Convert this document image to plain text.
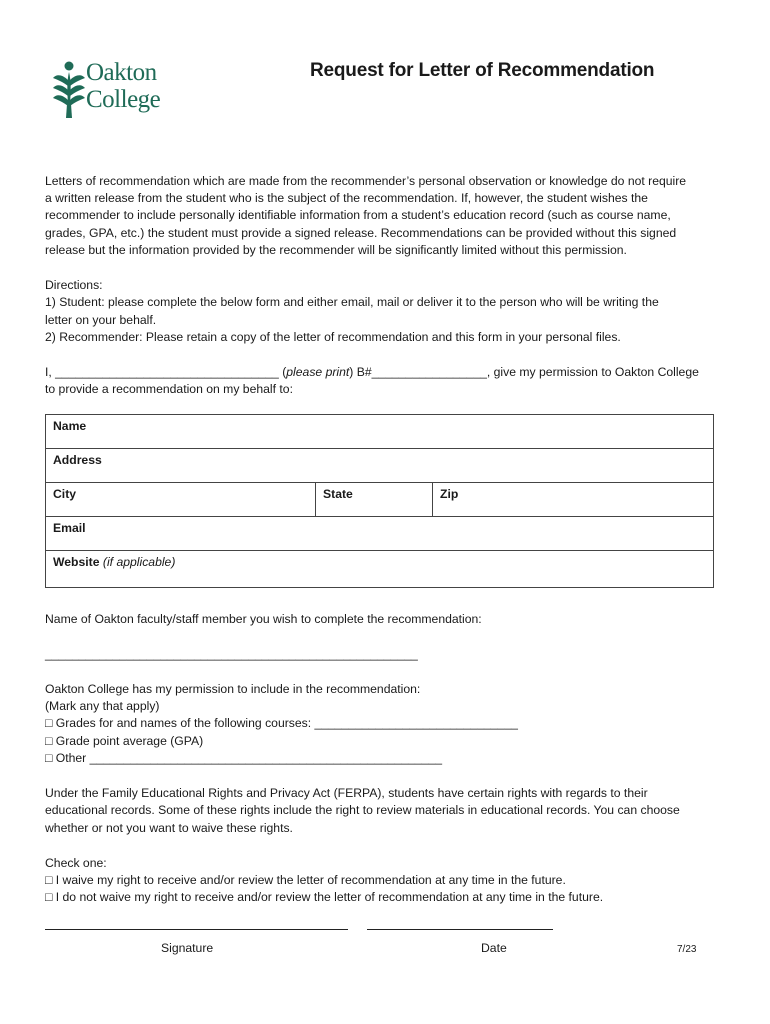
Oakton
College
Request for Letter of Recommendation
Letters of recommendation which are made from the recommender’s personal observation or knowledge do not require
a written release from the student who is the subject of the recommendation. If, however, the student wishes the
recommender to include personally identifiable information from a student’s education record (such as course name,
grades, GPA, etc.) the student must provide a signed release. Recommendations can be provided without this signed
release but the information provided by the recommender will be significantly limited without this permission.
Directions:
1) Student: please complete the below form and either email, mail or deliver it to the person who will be writing the
letter on your behalf.
2) Recommender: Please retain a copy of the letter of recommendation and this form in your personal files.
I, _________________________________ (please print) B#_________________, give my permission to Oakton College
to provide a recommendation on my behalf to:
Name
Address
City	State	Zip
Email
Website (if applicable)
Name of Oakton faculty/staff member you wish to complete the recommendation:
_______________________________________________________
Oakton College has my permission to include in the recommendation:
(Mark any that apply)
□ Grades for and names of the following courses: ______________________________
□ Grade point average (GPA)
□ Other ____________________________________________________
Under the Family Educational Rights and Privacy Act (FERPA), students have certain rights with regards to their
educational records. Some of these rights include the right to review materials in educational records. You can choose
whether or not you want to waive these rights.
Check one:
□ I waive my right to receive and/or review the letter of recommendation at any time in the future.
□ I do not waive my right to receive and/or review the letter of recommendation at any time in the future.
Signature	Date	7/23
